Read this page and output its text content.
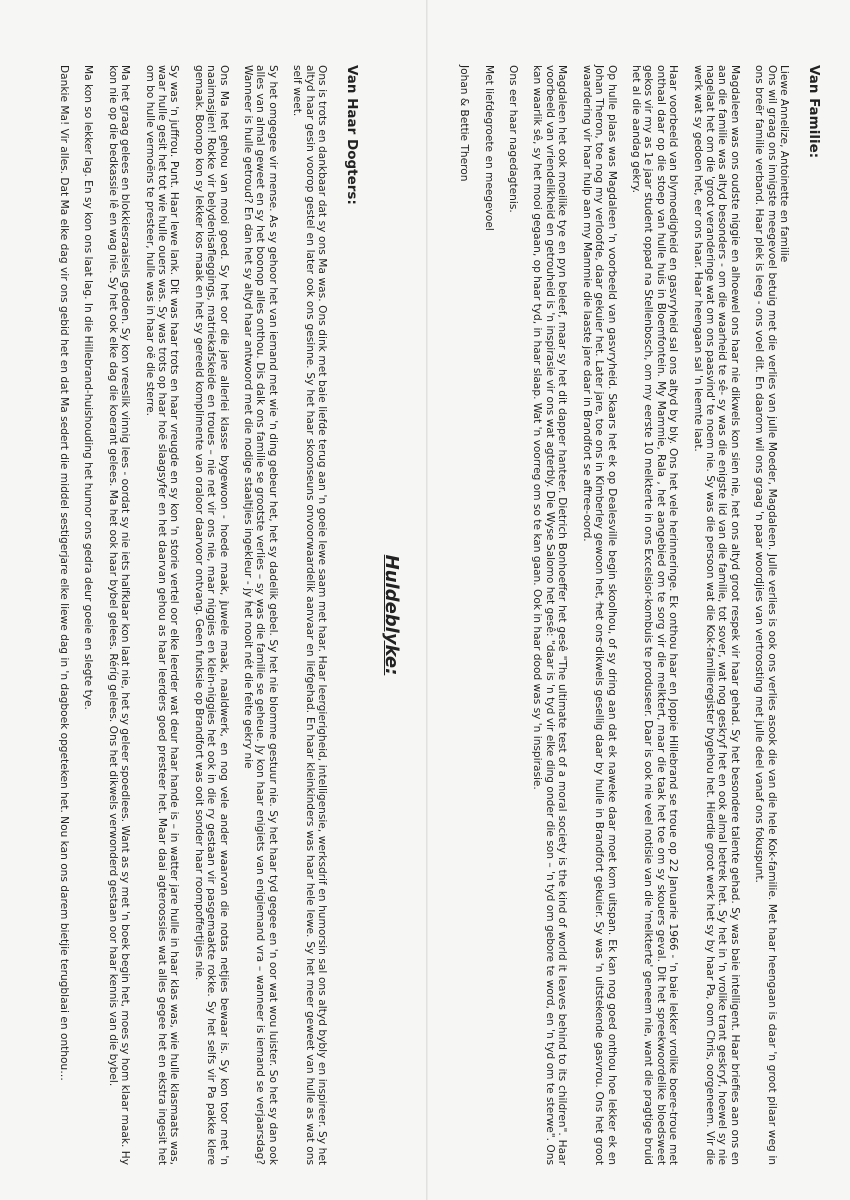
Huldeblyke:
Van Haar Dogters:

Ons is trots en dankbaar dat sy ons Ma was. Ons dink met baie liefde terug aan 'n goeie lewe saam met haar. Haar leergierigheid, intelligensie, werksdrif en humorsin sal ons altyd bybly en inspireer. Sy het altyd haar gesin voorop gestel en later ook ons gesinne. Sy het haar skoonseuns onvoorwaardelik aanvaar en liefgehad. En haar kleinkinders was haar hele lewe. Sy het meer geweet van hulle as wat ons self weet.

Sy het omgegee vir mense. As sy gehoor het van iemand met wie 'n ding gebeur het, het sy dadelik gebel. Sy het nie blomme gestuur nie. Sy het haar tyd gegee en 'n oor wat wou luister. So het sy dan ook alles van almal geweet en sy het boonop alles onthou. Dis dalk ons familie se grootste verlies – sy was die familie se geheue. Jy kon haar enigiets van enigiemand vra – wanneer is iemand se verjaarsdag? Wanneer is hulle getroud? En dan het sy altyd haar antwoord met die nodige staaltjies ingekleur - jy het nooit nét die feite gekry nie

Ons Ma het gehou van mooi goed. Sy het oor die jare allerlei klasse bygewoon - hoede maak, juwele maak, naaldwerk, en nog vele ander waarvan die notas netjies bewaar is. Sy kon toor met 'n naaimasjien! Rokke vir belydenisafleggings, matriekafskeide en troues – nie net vir ons nie, maar niggies en klein-niggies het ook in die ry gestaan vir pasgemaakte rokke. Sy het selfs vir Pa pakke klere gemaak. Boonop kon sy lekker kos maak en het sy gereeld komplimente van oraloor daarvoor ontvang. Geen funksie op Brandfort was ooit sonder haar roompoffertjies nie.

Sy was 'n juffrou. Punt. Haar lewe lank. Dit was haar trots en haar vreugde en sy kon 'n storie vertel oor elke leerder wat deur haar hande is – in watter jare hulle in haar klas was, wie hulle klasmaats was, waar hulle gesit het tot wie hulle ouers was. Sy was trots op haar hoë slaagsyfer en het daarvan gehou as haar leerders goed presteer het. Maar daai agteroossies wat alles gegee het en ekstra ingesit het om bo hulle vermoëns te presteer, hulle was in haar oë die sterre.

Ma het graag gelees en blokkiesraaisels gedoen. Sy kon vreeslik vinnig lees - oordat sy nie iets halfklaar kon laat nie, het sy geleer spoedlees. Want as sy met 'n boek begin het, moes sy hom klaar maak. Hy kon nie op die bedkassie lê en wag nie. Sy het ook elke dag die koerant gelees. Ma het ook haar bybel gelees. Réríg gelees. Ons het dikwels verwonderd gestaan oor haar kennis van die bybel.

Ma kon so lekker lag. En sy kon ons laat lag. In die Hillebrand-huishouding het humor ons gedra deur goeie en slegte tye.

Dankie Ma! Vir alles. Dat Ma elke dag vir ons gebid het en dat Ma sedert die middel sestigerjare elke liewe dag in 'n dagboek opgeteken het. Nou kan ons darem bietjie terugblaai en onthou…	Van Familie:
Liewe Annelize, Antoinette en familie

Ons wil graag ons innigste meegevoel betuig met die verlies van julle Moeder, Magdaleen. Julle verlies is ook ons verlies asook die van die hele Kok-familie. Met haar heengaan is daar 'n groot pilaar weg in ons breër familie verband. Haar plek is leeg - ons voel dit. En daarom wil ons graag 'n paar woordjies van vertroosting met julle deel vanaf ons fokuspunt.

Magdaleen was ons oudste niggie en alhoewel ons haar nie dikwels kon sien nie, het ons altyd groot respek vir haar gehad. Sy het besondere talente gehad. Sy was baie intelligent. Haar briefies aan ons en aan die familie was altyd besonders - om die waarheid te sê- sy was die enigste lid van die familie, tot sover, wat nog geskryf het en ook almal betrek het. Sy het in 'n vrolike trant geskryf, hoewel sy nie nagelaat het om die 'groot veranderinge wat om ons paasvind' te noem nie. Sy was die persoon wat die Kok-familieregister bygehou het. Hierdie groot werk het sy by haar Pa, oom Chris, oorgeneem. Vir die werk wat sy gedoen het, eer ons haar. Haar heengaan sal 'n leemte laat.

Haar voorbeeld van blymoedigheid en gasvryheid sal ons altyd by bly. Ons het vele herinneringe. Ek onthou haar en Joppie Hillebrand se troue op 22 Januarie 1966 - 'n baie lekker vrolike boere-troue met onthaal daar op die stoep van hulle huis in Bloemfontein. My Mammie, Rala , het aangebied om te sorg vir die melktert, maar die taak het toe om sy skouers geval. Dit het spreekwoordelike bloedsweet gekos vir my as 1e jaar student oppad na Stellenbosch, om my eerste 10 melkterte in ons Excelsior-kombuis te produseer. Daar is ook nie veel notisie van die 'melkterte' geneem nie, want die pragtige bruid het al die aandag gekry.

Op hulle plaas was Magdaleen 'n voorbeeld van gasvryheid. Skaars het ek op Dealesville begin skoolhou, of sy dring aan dat ek naweke daar moet kom uitspan. Ek kan nog goed onthou hoe lekker ek en Johan Theron, toe nog my verloofde, daar gekuier het. Later jare, toe ons in Kimberley gewoon het, het ons dikwels gesellig daar by hulle in Brandfort gekuier. Sy was 'n uitstekende gasvrou. Ons het groot waardering vir haar hulp aan my Mammie die laaste jare daar in Brandfort se aftree-oord.

Magdaleen het ook moeilike tye en pyn beleef, maar sy het dit dapper hanteer. Dietrich Bonhoeffer het gesê "The ultimate test of a moral society is the kind of world it leaves behind to its children". Haar voorbeeld van vriendelikheid en getrouheid is 'n inspirasie vir ons wat agterbly. Die Wyse Salomo het gesê: "daar is 'n tyd vir elke ding onder die son – 'n tyd om gebore te word, en 'n tyd om te sterwe". Ons kan waarlik sê, sy het mooi gegaan, op haar tyd, in haar slaap. Wat 'n voorreg om so te kan gaan. Ook in haar dood was sy 'n inspirasie.

Ons eer haar nagedagtenis.

Met liefdegroete en meegevoel

Johan & Bettie Theron
